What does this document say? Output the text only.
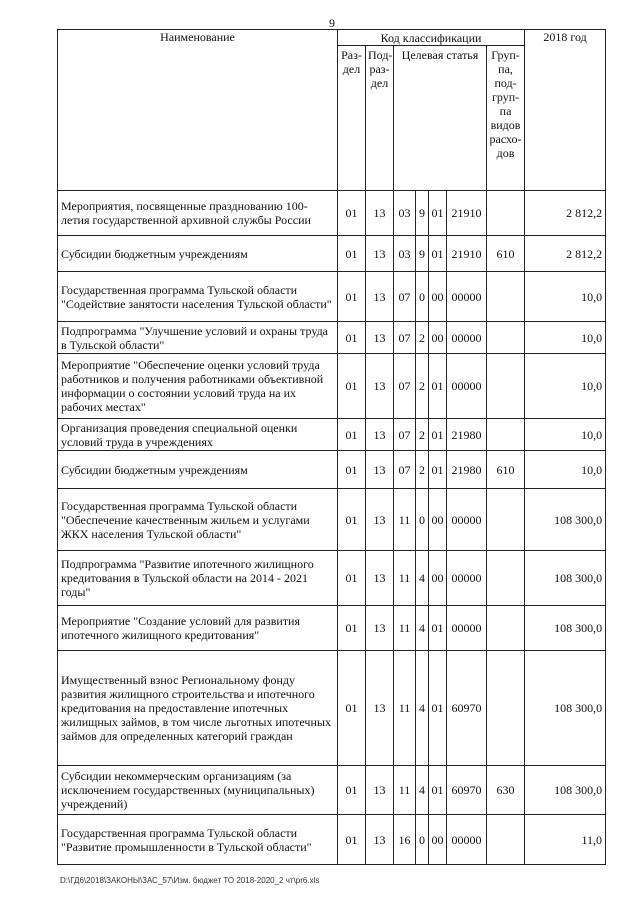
9
Наименование	Код классификации							2018 год
	Раз-дел	Под-раз-дел	Целевая статья				Груп-па, под-груп-па видов расхо-дов	
Мероприятия, посвященные празднованию 100-летия государственной архивной службы России	01	13	03	9	01	21910		2 812,2
Субсидии бюджетным учреждениям	01	13	03	9	01	21910	610	2 812,2
Государственная программа Тульской области "Содействие занятости населения Тульской области"	01	13	07	0	00	00000		10,0
Подпрограмма "Улучшение условий и охраны труда в Тульской области"	01	13	07	2	00	00000		10,0
Мероприятие "Обеспечение оценки условий труда работников и получения работниками объективной информации о состоянии условий труда на их рабочих местах"	01	13	07	2	01	00000		10,0
Организация проведения специальной оценки условий труда в учреждениях	01	13	07	2	01	21980		10,0
Субсидии бюджетным учреждениям	01	13	07	2	01	21980	610	10,0
Государственная программа Тульской области "Обеспечение качественным жильем и услугами ЖКХ населения Тульской области"	01	13	11	0	00	00000		108 300,0
Подпрограмма "Развитие ипотечного жилищного кредитования в Тульской области на 2014 - 2021 годы"	01	13	11	4	00	00000		108 300,0
Мероприятие "Создание условий для развития ипотечного жилищного кредитования"	01	13	11	4	01	00000		108 300,0
Имущественный взнос Региональному фонду развития жилищного строительства и ипотечного кредитования на предоставление ипотечных жилищных займов, в том числе льготных ипотечных займов для определенных категорий граждан	01	13	11	4	01	60970		108 300,0
Субсидии некоммерческим организациям (за исключением государственных (муниципальных) учреждений)	01	13	11	4	01	60970	630	108 300,0
Государственная программа Тульской области "Развитие промышленности в Тульской области"	01	13	16	0	00	00000		11,0
D:\ГД6\2018\ЗАКОНЫ\ЗАС_57\Изм. бюджет ТО 2018-2020_2 чт\pr6.xls
